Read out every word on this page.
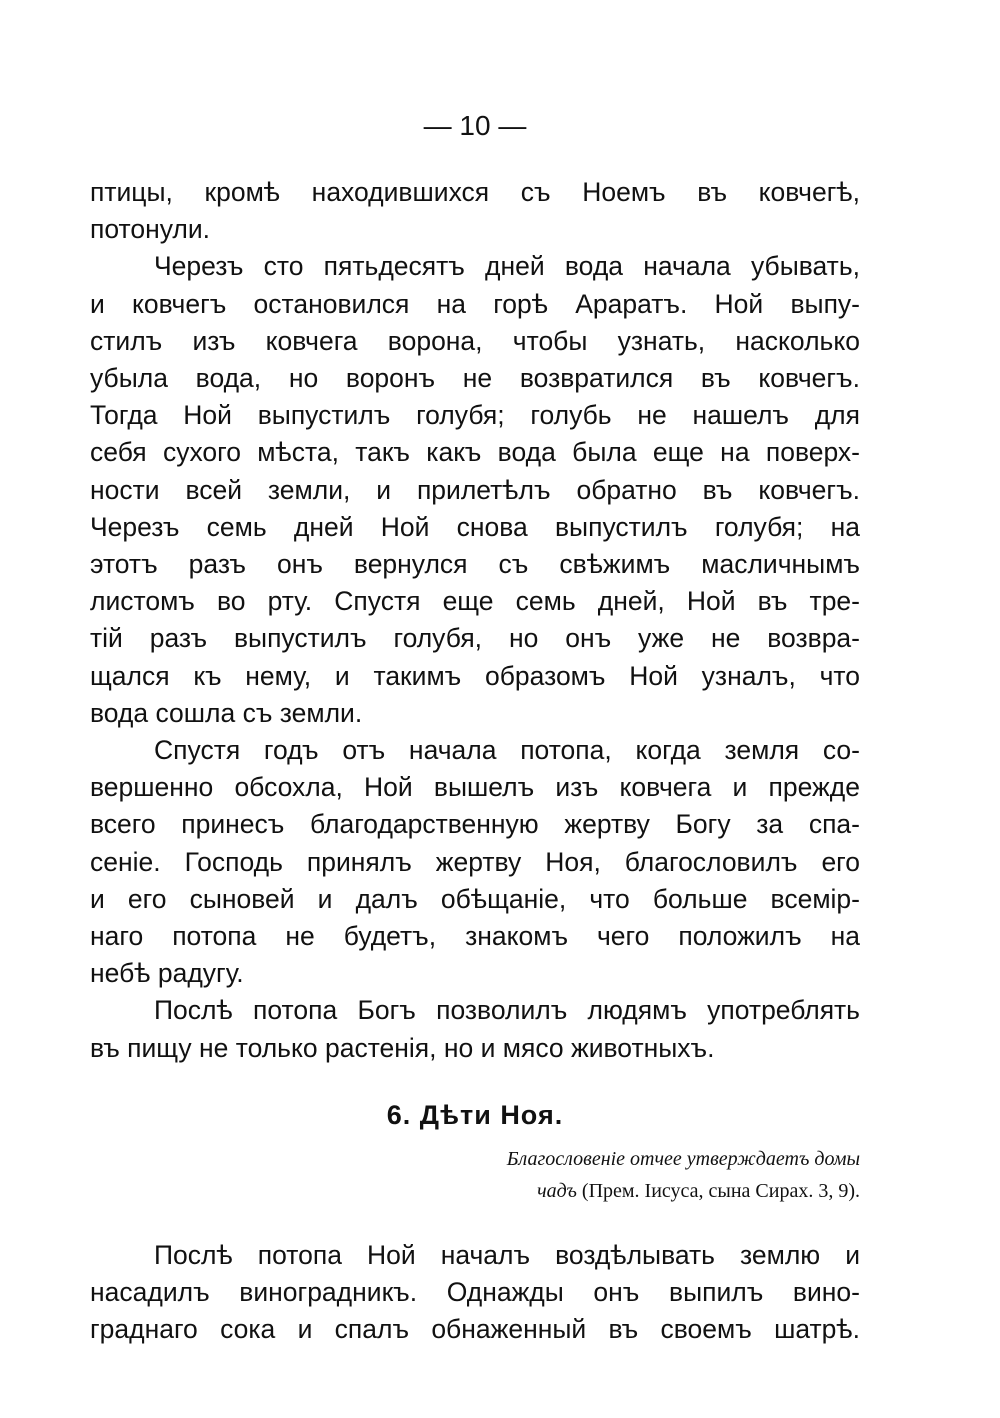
— 10 —

птицы, кромѣ находившихся съ Ноемъ въ ковчегѣ,
потонули.

Черезъ сто пятьдесятъ дней вода начала убывать,
и ковчегъ остановился на горѣ Араратъ. Ной выпу-
стилъ изъ ковчега ворона, чтобы узнать, насколько
убыла вода, но воронъ не возвратился въ ковчегъ.
Тогда Ной выпустилъ голубя; голубь не нашелъ для
себя сухого мѣста, такъ какъ вода была еще на поверх-
ности всей земли, и прилетѣлъ обратно въ ковчегъ.
Черезъ семь дней Ной снова выпустилъ голубя; на
этотъ разъ онъ вернулся съ свѣжимъ масличнымъ
листомъ во рту. Спустя еще семь дней, Ной въ тре-
тій разъ выпустилъ голубя, но онъ уже не возвра-
щался къ нему, и такимъ образомъ Ной узналъ, что
вода сошла съ земли.

Спустя годъ отъ начала потопа, когда земля со-
вершенно обсохла, Ной вышелъ изъ ковчега и прежде
всего принесъ благодарственную жертву Богу за спа-
сеніе. Господь принялъ жертву Ноя, благословилъ его
и его сыновей и далъ обѣщаніе, что больше всемір-
наго потопа не будетъ, знакомъ чего положилъ на
небѣ радугу.

Послѣ потопа Богъ позволилъ людямъ употреблять
въ пищу не только растенія, но и мясо животныхъ.

6. Дѣти Ноя.
Благословеніе отчее утверждаетъ домы
чадъ (Прем. Іисуса, сына Сирах. 3, 9).

Послѣ потопа Ной началъ воздѣлывать землю и
насадилъ виноградникъ. Однажды онъ выпилъ вино-
граднаго сока и спалъ обнаженный въ своемъ шатрѣ.
